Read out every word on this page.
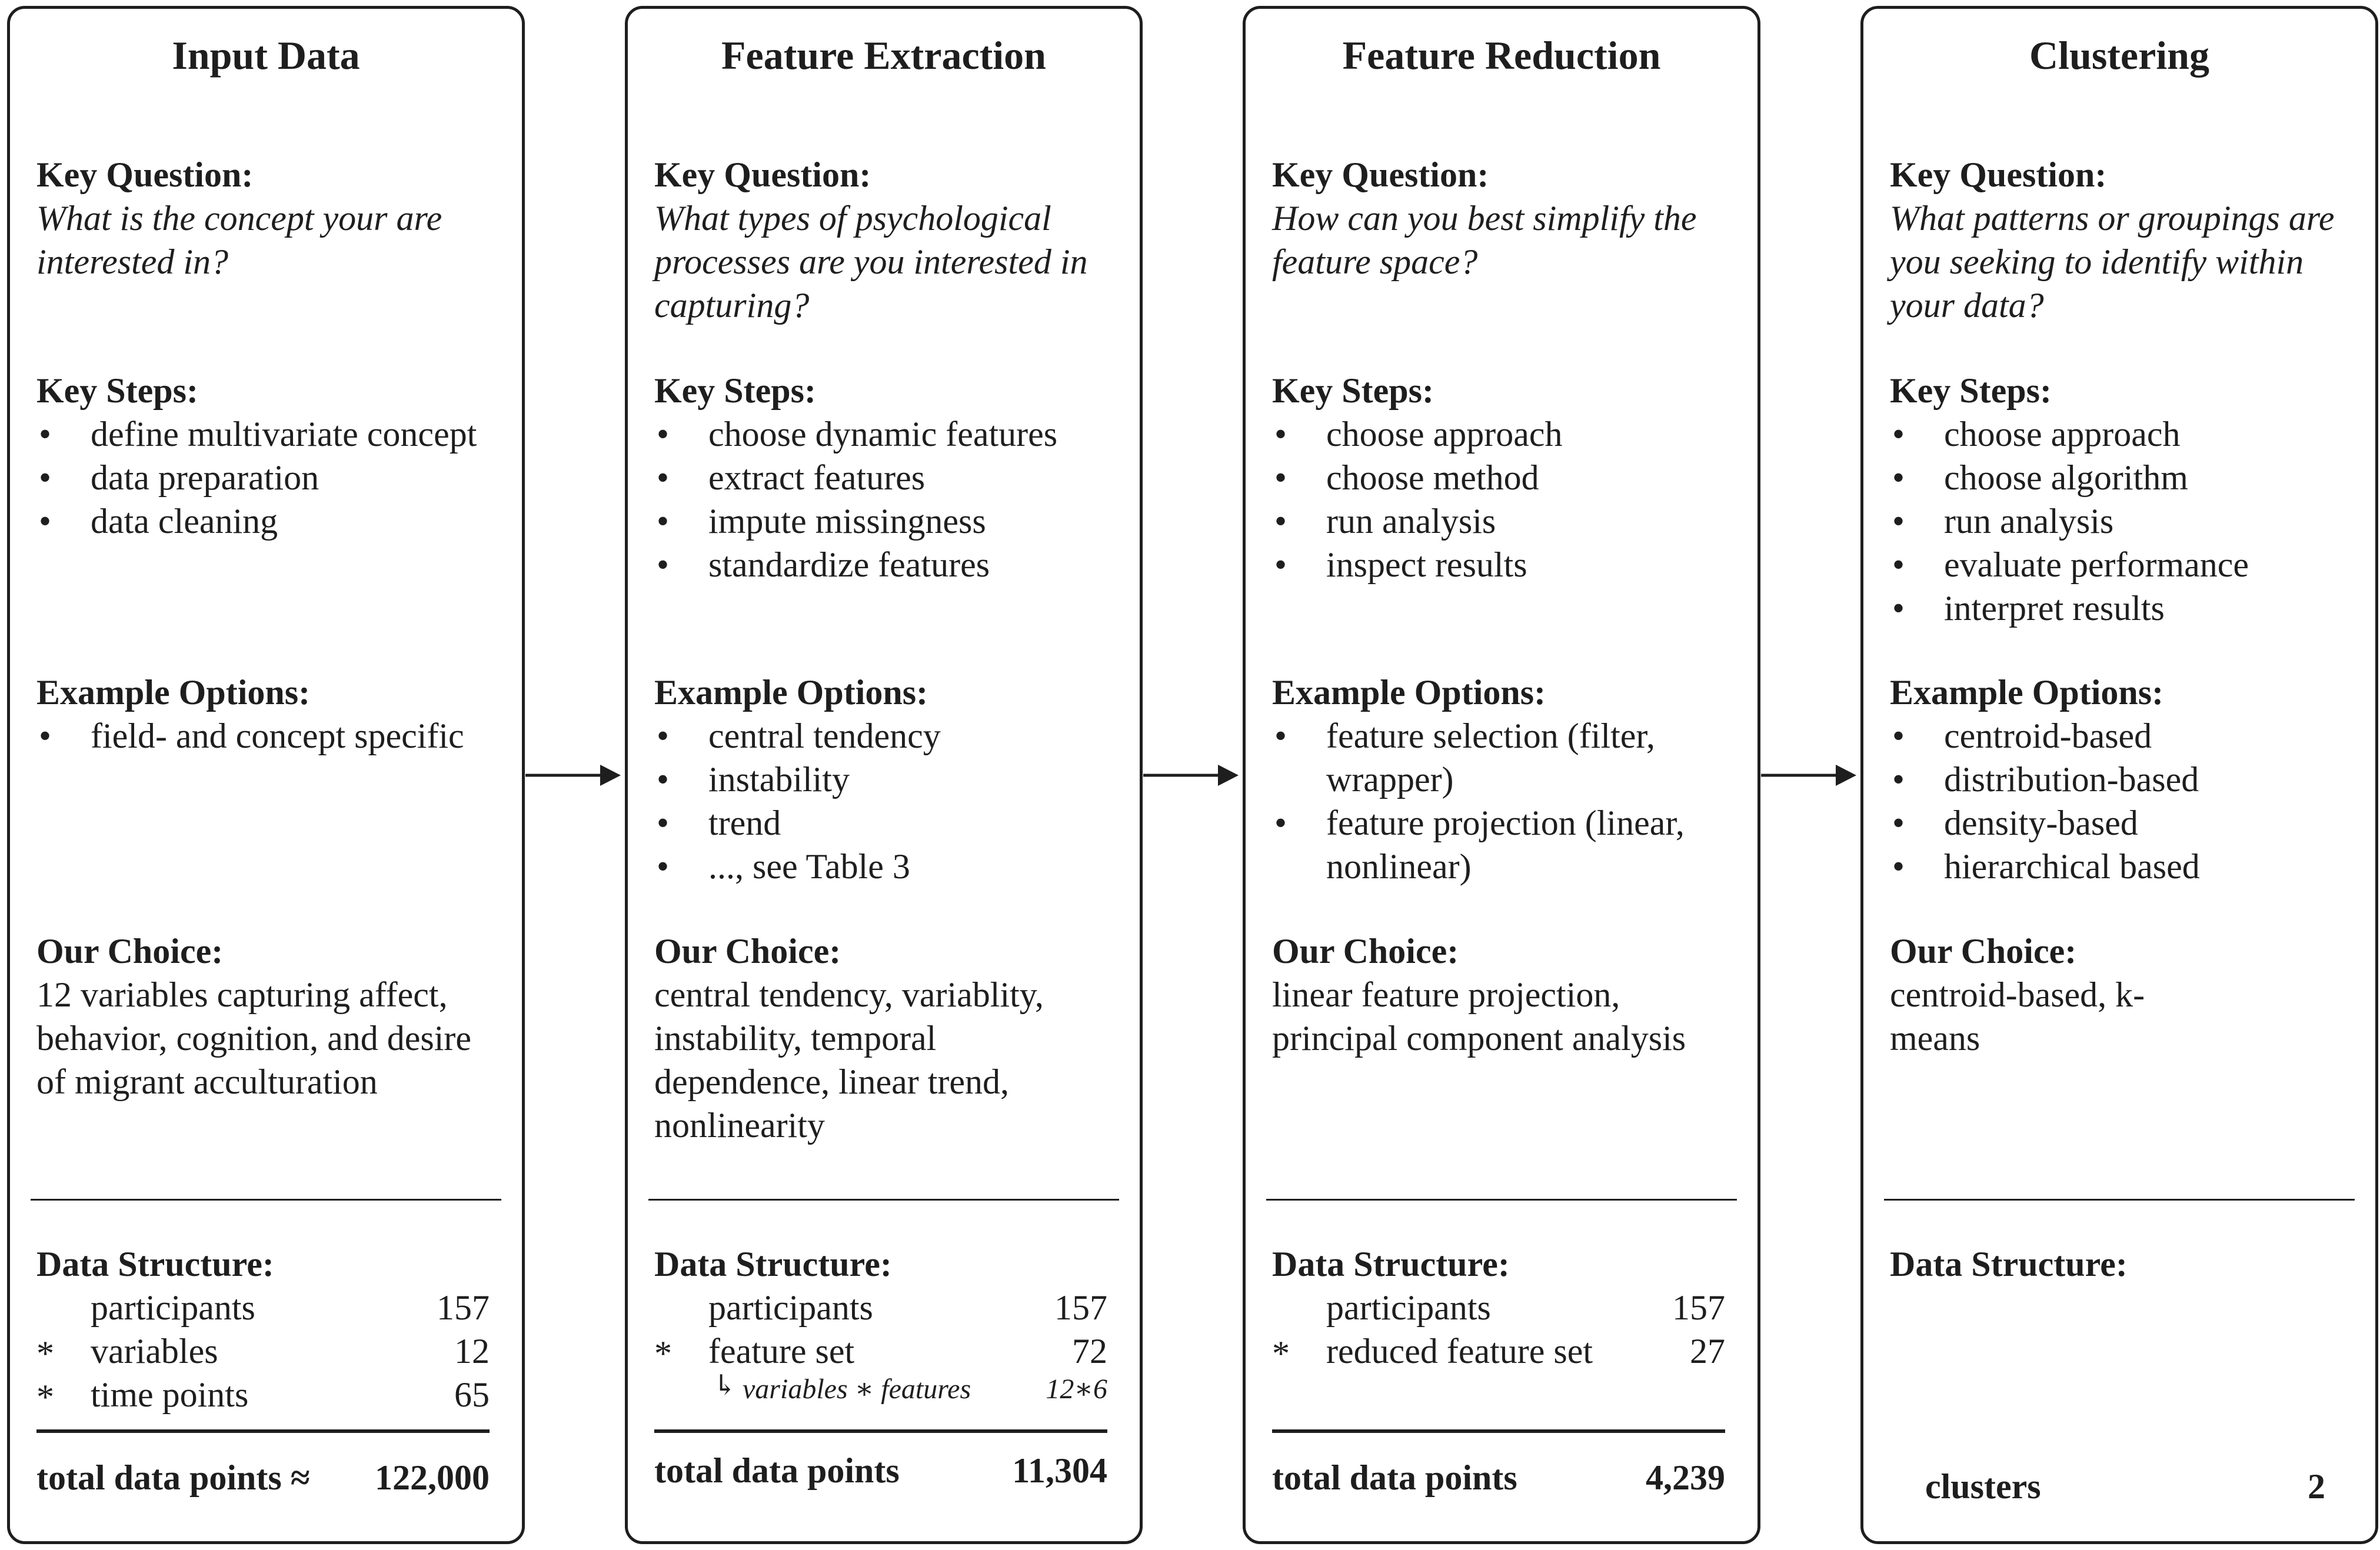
Input Data
Key Question:
What is the concept your are interested in?
Key Steps:
• define multivariate concept
• data preparation
• data cleaning
Example Options:
• field- and concept specific
Our Choice:
12 variables capturing affect, behavior, cognition, and desire of migrant acculturation
Data Structure:
participants	157
* variables	12
* time points	65
total data points ≈ 122,000
Feature Extraction
Key Question:
What types of psychological processes are you interested in capturing?
Key Steps:
• choose dynamic features
• extract features
• impute missingness
• standardize features
Example Options:
• central tendency
• instability
• trend
• ..., see Table 3
Our Choice:
central tendency, variablity, instability, temporal dependence, linear trend, nonlinearity
Data Structure:
participants	157
* feature set	72
↳ variables ∗ features	12∗6
total data points	11,304
Feature Reduction
Key Question:
How can you best simplify the feature space?
Key Steps:
• choose approach
• choose method
• run analysis
• inspect results
Example Options:
• feature selection (filter, wrapper)
• feature projection (linear, nonlinear)
Our Choice:
linear feature projection, principal component analysis
Data Structure:
participants	157
* reduced feature set	27
total data points	4,239
Clustering
Key Question:
What patterns or groupings are you seeking to identify within your data?
Key Steps:
• choose approach
• choose algorithm
• run analysis
• evaluate performance
• interpret results
Example Options:
• centroid-based
• distribution-based
• density-based
• hierarchical based
Our Choice:
centroid-based, k-means
Data Structure:
clusters	2
